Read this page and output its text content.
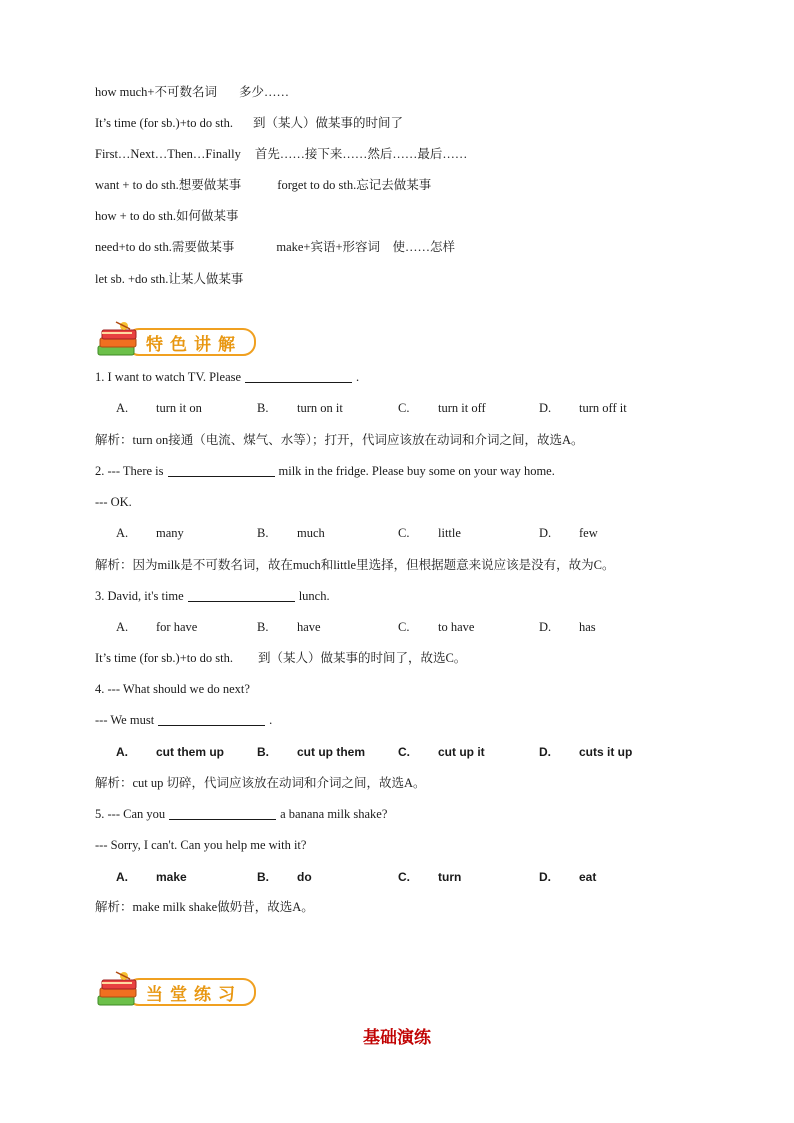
how much+不可数名词 多少……
It’s time (for sb.)+to do sth. 到（某人）做某事的时间了
First…Next…Then…Finally 首先……接下来……然后……最后……
want + to do sth.想要做某事	forget to do sth.忘记去做某事
how + to do sth.如何做某事
need+to do sth.需要做某事	make+宾语+形容词　使……怎样
let sb. +do sth.让某人做某事
特色讲解
1. I want to watch TV. Please	.
A. turn it on	B. turn on it	C. turn it off	D. turn off it
解析：turn on接通（电流、煤气、水等）；打开，代词应该放在动词和介词之间，故选A。
2. --- There is	milk in the fridge. Please buy some on your way home.
--- OK.
A. many	B. much	C. little	D. few
解析：因为milk是不可数名词，故在much和little里选择，但根据题意来说应该是没有，故为C。
3. David, it's time	lunch.
A. for have	B. have	C. to have	D. has
It’s time (for sb.)+to do sth.　　到（某人）做某事的时间了，故选C。
4. --- What should we do next?
--- We must	.
A. cut them up	B. cut up them	C. cut up it	D. cuts it up
解析：cut up 切碎，代词应该放在动词和介词之间，故选A。
5. --- Can you	a banana milk shake?
--- Sorry, I can't. Can you help me with it?
A. make	B. do	C. turn	D. eat
解析：make milk shake做奶昔，故选A。
当堂练习
基础演练
